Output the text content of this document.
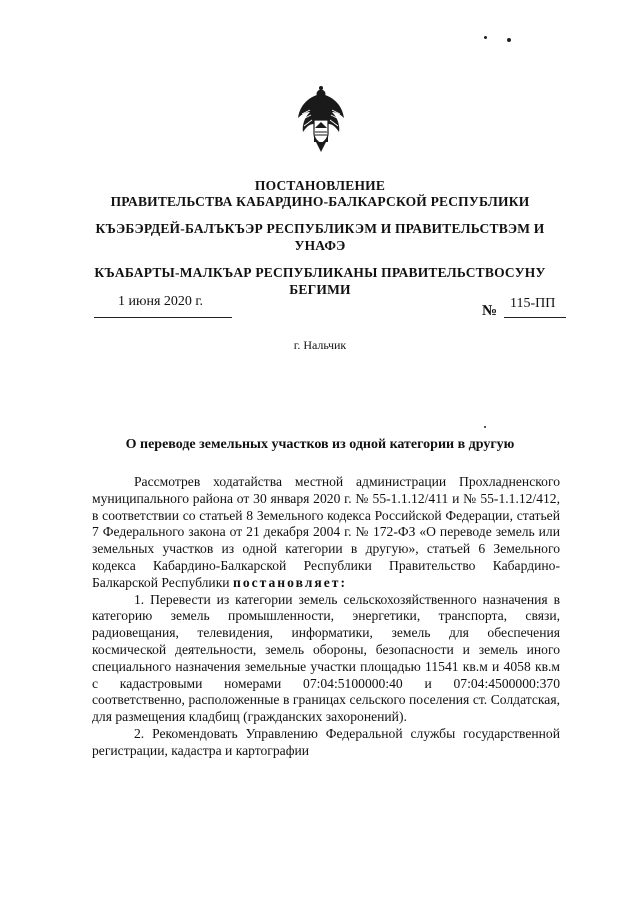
ПОСТАНОВЛЕНИЕ
ПРАВИТЕЛЬСТВА КАБАРДИНО-БАЛКАРСКОЙ РЕСПУБЛИКИ
КЪЭБЭРДЕЙ-БАЛЪКЪЭР РЕСПУБЛИКЭМ И ПРАВИТЕЛЬСТВЭМ И
УНАФЭ
КЪАБАРТЫ-МАЛКЪАР РЕСПУБЛИКАНЫ ПРАВИТЕЛЬСТВОСУНУ
БЕГИМИ
1 июня 2020 г.
№ 115-ПП
г. Нальчик
О переводе земельных участков из одной категории в другую

Рассмотрев ходатайства местной администрации Прохладненского муниципального района от 30 января 2020 г. № 55-1.1.12/411 и № 55-1.1.12/412, в соответствии со статьей 8 Земельного кодекса Российской Федерации, статьей 7 Федерального закона от 21 декабря 2004 г. № 172-ФЗ «О переводе земель или земельных участков из одной категории в другую», статьей 6 Земельного кодекса Кабардино-Балкарской Республики Правительство Кабардино-Балкарской Республики постановляет:

1. Перевести из категории земель сельскохозяйственного назначения в категорию земель промышленности, энергетики, транспорта, связи, радиовещания, телевидения, информатики, земель для обеспечения космической деятельности, земель обороны, безопасности и земель иного специального назначения земельные участки площадью 11541 кв.м и 4058 кв.м с кадастровыми номерами 07:04:5100000:40 и 07:04:4500000:370 соответственно, расположенные в границах сельского поселения ст. Солдатская, для размещения кладбищ (гражданских захоронений).

2. Рекомендовать Управлению Федеральной службы государственной регистрации, кадастра и картографии
